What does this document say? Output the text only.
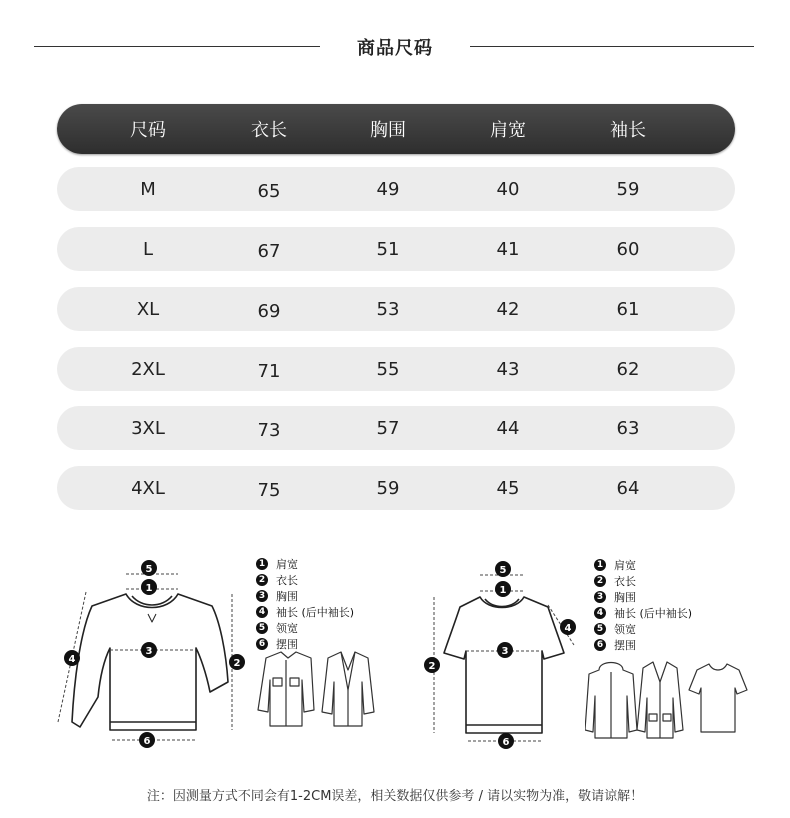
商品尺码
尺码	衣长	胸围	肩宽	袖长
M	65	49	40	59
L	67	51	41	60
XL	69	53	42	61
2XL	71	55	43	62
3XL	73	57	44	63
4XL	75	59	45	64
5
1
3
2
4
6
1 肩宽
2 衣长
3 胸围
4 袖长 (后中袖长)
5 领宽
6 摆围
5
1
3
2
4
6
1 肩宽
2 衣长
3 胸围
4 袖长 (后中袖长)
5 领宽
6 摆围
注：因测量方式不同会有1-2CM误差，相关数据仅供参考 / 请以实物为准，敬请谅解！
